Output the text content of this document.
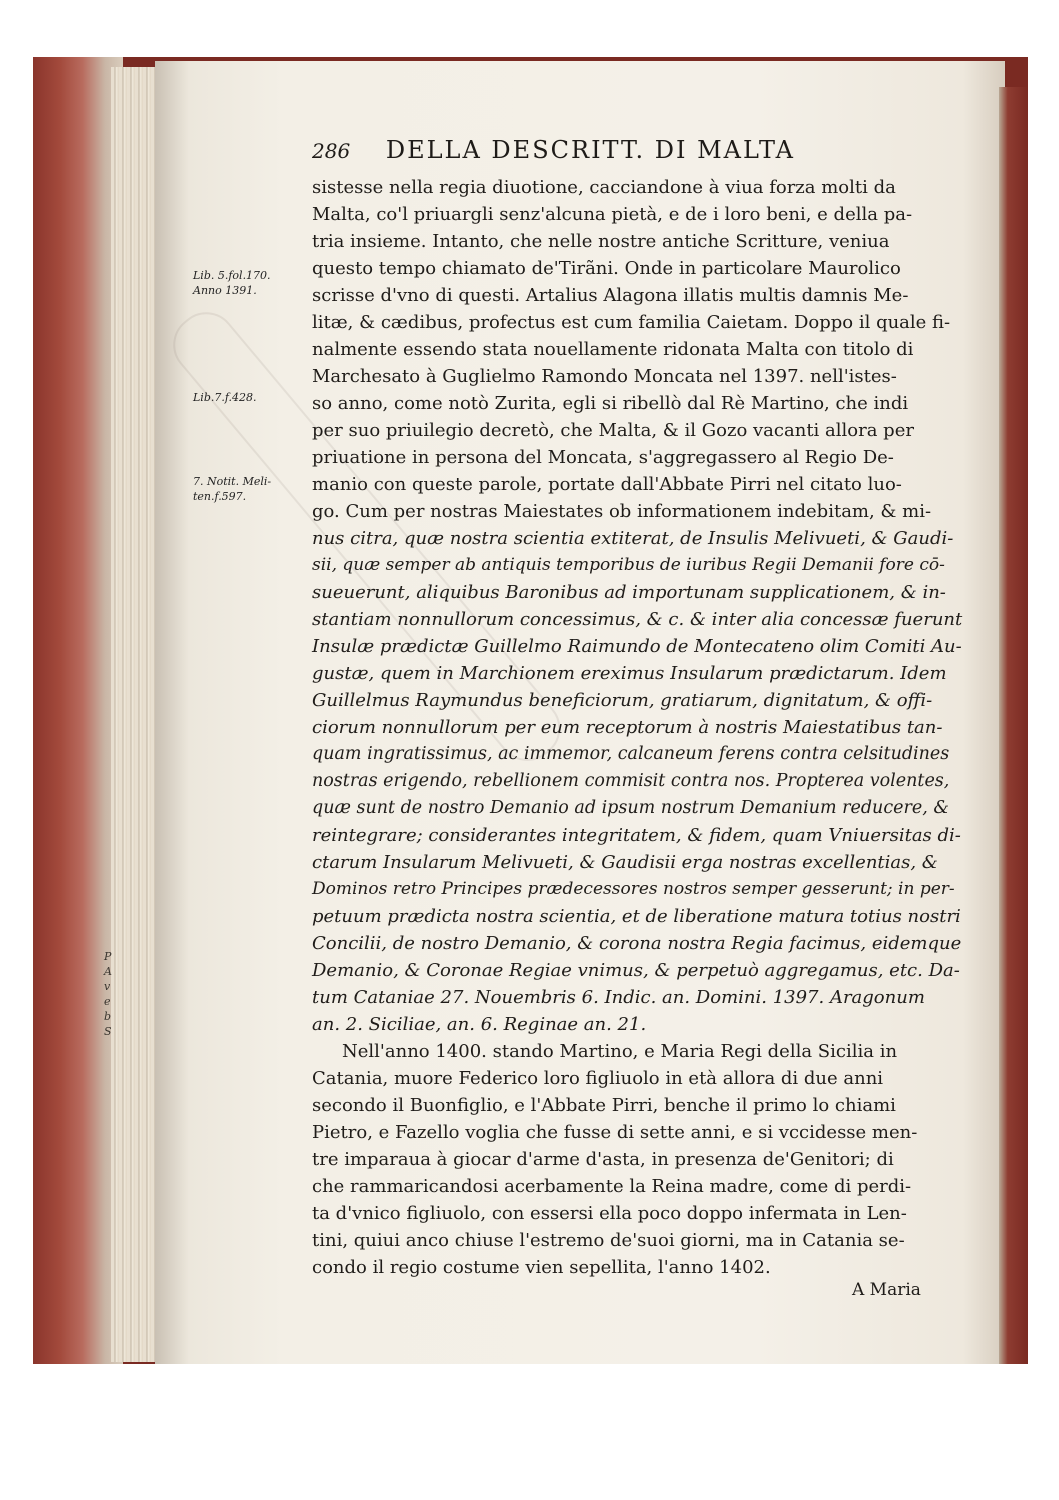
P
A
v
e
b
S
286 DELLA DESCRITT. DI MALTA
Lib. 5.fol.170.
Anno 1391.
Lib.7.f.428.
7. Notit. Meli-
ten.f.597.
sistesse nella regia diuotione, cacciandone à viua forza molti da
Malta, co'l priuargli senz'alcuna pietà, e de i loro beni, e della pa-
tria insieme. Intanto, che nelle nostre antiche Scritture, veniua
questo tempo chiamato de'Tirãni. Onde in particolare Maurolico
scrisse d'vno di questi. Artalius Alagona illatis multis damnis Me-
litæ, & cædibus, profectus est cum familia Caietam. Doppo il quale fi-
nalmente essendo stata nouellamente ridonata Malta con titolo di
Marchesato à Guglielmo Ramondo Moncata nel 1397. nell'istes-
so anno, come notò Zurita, egli si ribellò dal Rè Martino, che indi
per suo priuilegio decretò, che Malta, & il Gozo vacanti allora per
priuatione in persona del Moncata, s'aggregassero al Regio De-
manio con queste parole, portate dall'Abbate Pirri nel citato luo-
go. Cum per nostras Maiestates ob informationem indebitam, & mi-
nus citra, quæ nostra scientia extiterat, de Insulis Melivueti, & Gaudi-
sii, quæ semper ab antiquis temporibus de iuribus Regii Demanii fore cō-
sueuerunt, aliquibus Baronibus ad importunam supplicationem, & in-
stantiam nonnullorum concessimus, & c. & inter alia concessæ fuerunt
Insulæ prædictæ Guillelmo Raimundo de Montecateno olim Comiti Au-
gustæ, quem in Marchionem ereximus Insularum prædictarum. Idem
Guillelmus Raymundus beneficiorum, gratiarum, dignitatum, & offi-
ciorum nonnullorum per eum receptorum à nostris Maiestatibus tan-
quam ingratissimus, ac immemor, calcaneum ferens contra celsitudines
nostras erigendo, rebellionem commisit contra nos. Propterea volentes,
quæ sunt de nostro Demanio ad ipsum nostrum Demanium reducere, &
reintegrare; considerantes integritatem, & fidem, quam Vniuersitas di-
ctarum Insularum Melivueti, & Gaudisii erga nostras excellentias, &
Dominos retro Principes prædecessores nostros semper gesserunt; in per-
petuum prædicta nostra scientia, et de liberatione matura totius nostri
Concilii, de nostro Demanio, & corona nostra Regia facimus, eidemque
Demanio, & Coronae Regiae vnimus, & perpetuò aggregamus, etc. Da-
tum Cataniae 27. Nouembris 6. Indic. an. Domini. 1397. Aragonum
an. 2. Siciliae, an. 6. Reginae an. 21.
Nell'anno 1400. stando Martino, e Maria Regi della Sicilia in
Catania, muore Federico loro figliuolo in età allora di due anni
secondo il Buonfiglio, e l'Abbate Pirri, benche il primo lo chiami
Pietro, e Fazello voglia che fusse di sette anni, e si vccidesse men-
tre imparaua à giocar d'arme d'asta, in presenza de'Genitori; di
che rammaricandosi acerbamente la Reina madre, come di perdi-
ta d'vnico figliuolo, con essersi ella poco doppo infermata in Len-
tini, quiui anco chiuse l'estremo de'suoi giorni, ma in Catania se-
condo il regio costume vien sepellita, l'anno 1402.
A Maria
